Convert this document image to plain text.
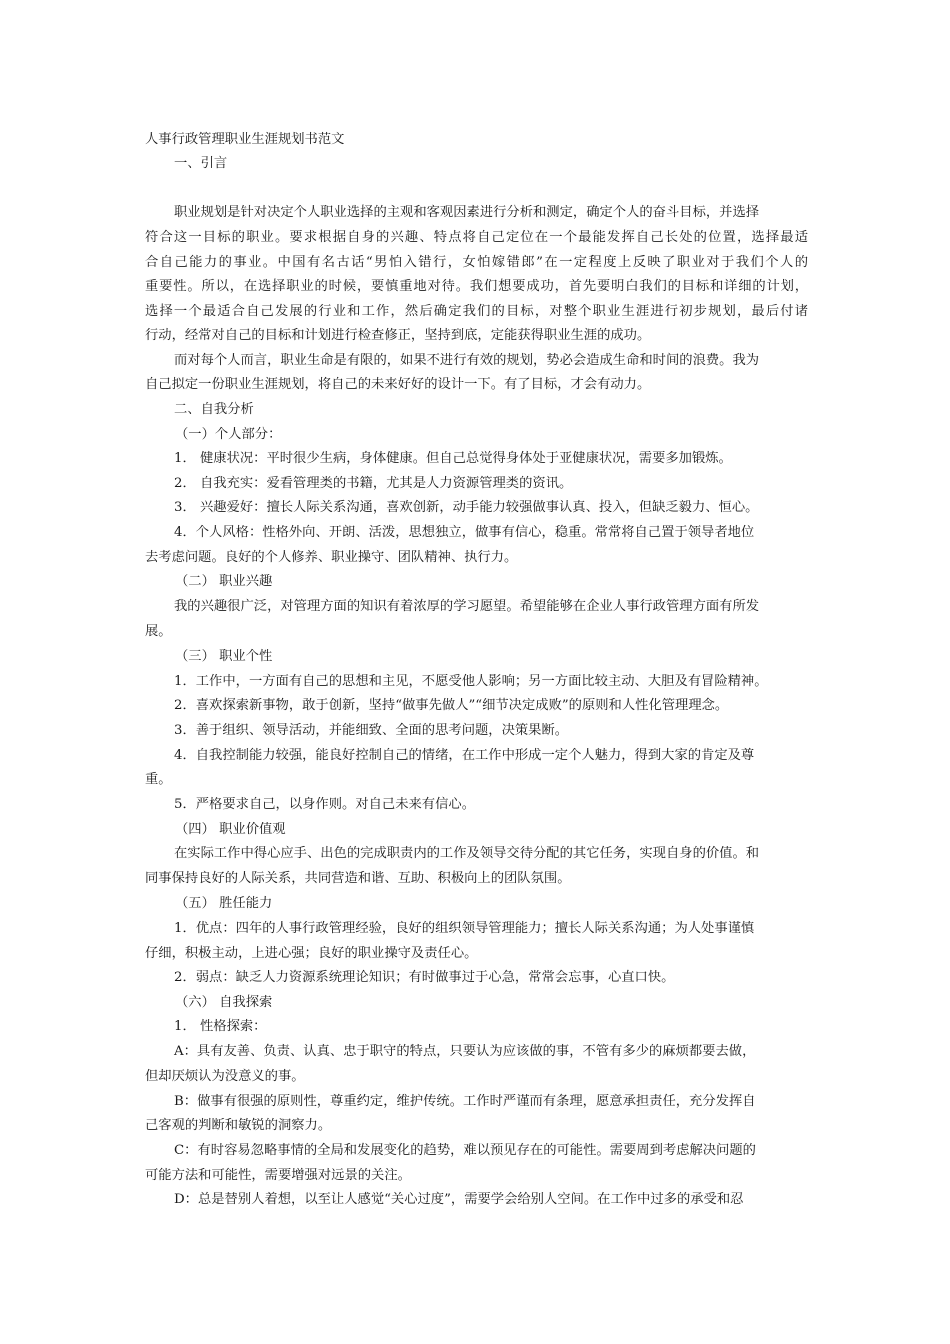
人事行政管理职业生涯规划书范文
一、引言
职业规划是针对决定个人职业选择的主观和客观因素进行分析和测定，确定个人的奋斗目标，并选择
符合这一目标的职业。要求根据自身的兴趣、特点将自己定位在一个最能发挥自己长处的位置，选择最适
合自己能力的事业。中国有名古话“男怕入错行，女怕嫁错郎”在一定程度上反映了职业对于我们个人的
重要性。所以，在选择职业的时候，要慎重地对待。我们想要成功，首先要明白我们的目标和详细的计划，
选择一个最适合自己发展的行业和工作，然后确定我们的目标，对整个职业生涯进行初步规划，最后付诸
行动，经常对自己的目标和计划进行检查修正，坚持到底，定能获得职业生涯的成功。
而对每个人而言，职业生命是有限的，如果不进行有效的规划，势必会造成生命和时间的浪费。我为
自己拟定一份职业生涯规划，将自己的未来好好的设计一下。有了目标，才会有动力。
二、自我分析
（一）个人部分：
1． 健康状况：平时很少生病，身体健康。但自己总觉得身体处于亚健康状况，需要多加锻炼。
2． 自我充实：爱看管理类的书籍，尤其是人力资源管理类的资讯。
3． 兴趣爱好：擅长人际关系沟通，喜欢创新，动手能力较强做事认真、投入，但缺乏毅力、恒心。
4．个人风格：性格外向、开朗、活泼，思想独立，做事有信心，稳重。常常将自己置于领导者地位
去考虑问题。良好的个人修养、职业操守、团队精神、执行力。
（二） 职业兴趣
我的兴趣很广泛，对管理方面的知识有着浓厚的学习愿望。希望能够在企业人事行政管理方面有所发
展。
（三） 职业个性
1．工作中，一方面有自己的思想和主见，不愿受他人影响；另一方面比较主动、大胆及有冒险精神。
2．喜欢探索新事物，敢于创新，坚持“做事先做人”“细节决定成败”的原则和人性化管理理念。
3．善于组织、领导活动，并能细致、全面的思考问题，决策果断。
4．自我控制能力较强，能良好控制自己的情绪，在工作中形成一定个人魅力，得到大家的肯定及尊
重。
5．严格要求自己，以身作则。对自己未来有信心。
（四） 职业价值观
在实际工作中得心应手、出色的完成职责内的工作及领导交待分配的其它任务，实现自身的价值。和
同事保持良好的人际关系，共同营造和谐、互助、积极向上的团队氛围。
（五） 胜任能力
1．优点：四年的人事行政管理经验，良好的组织领导管理能力；擅长人际关系沟通；为人处事谨慎
仔细，积极主动，上进心强；良好的职业操守及责任心。
2．弱点：缺乏人力资源系统理论知识；有时做事过于心急，常常会忘事，心直口快。
（六） 自我探索
1． 性格探索：
A：具有友善、负责、认真、忠于职守的特点，只要认为应该做的事，不管有多少的麻烦都要去做，
但却厌烦认为没意义的事。
B：做事有很强的原则性，尊重约定，维护传统。工作时严谨而有条理，愿意承担责任，充分发挥自
己客观的判断和敏锐的洞察力。
C：有时容易忽略事情的全局和发展变化的趋势，难以预见存在的可能性。需要周到考虑解决问题的
可能方法和可能性，需要增强对远景的关注。
D：总是替别人着想，以至让人感觉“关心过度”，需要学会给别人空间。在工作中过多的承受和忍
